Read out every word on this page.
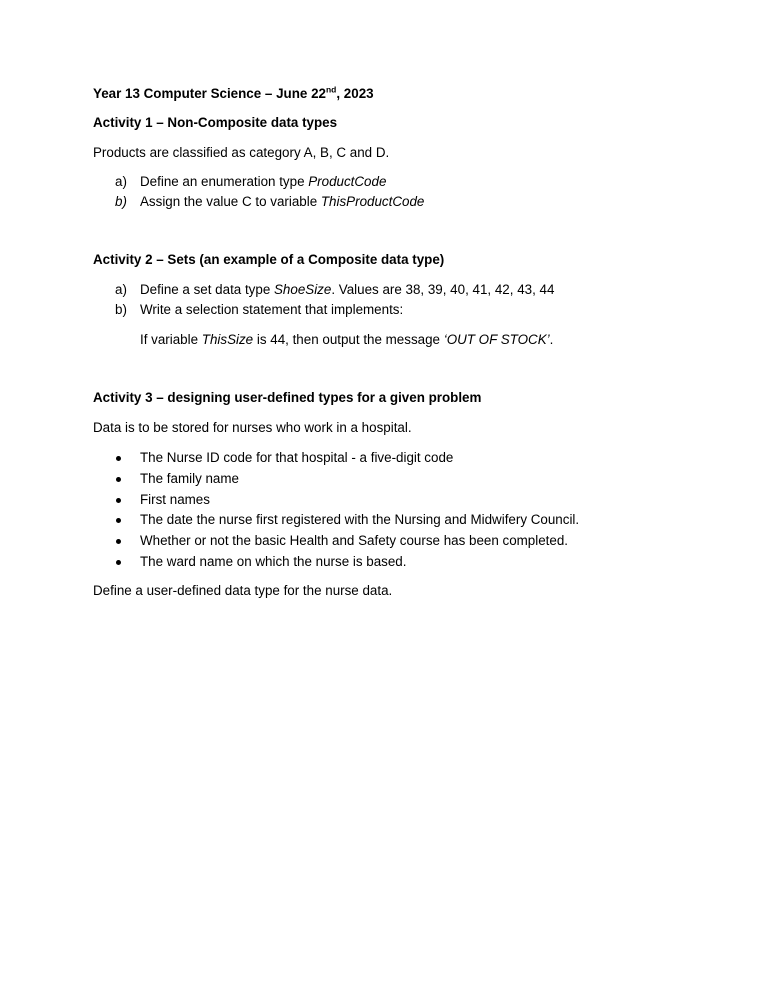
Year 13 Computer Science – June 22nd, 2023
Activity 1 – Non-Composite data types
Products are classified as category A, B, C and D.
a) Define an enumeration type ProductCode
b) Assign the value C to variable ThisProductCode
Activity 2 – Sets (an example of a Composite data type)
a) Define a set data type ShoeSize. Values are 38, 39, 40, 41, 42, 43, 44
b) Write a selection statement that implements:
If variable ThisSize is 44, then output the message ‘OUT OF STOCK’.
Activity 3 – designing user-defined types for a given problem
Data is to be stored for nurses who work in a hospital.
The Nurse ID code for that hospital - a five-digit code
The family name
First names
The date the nurse first registered with the Nursing and Midwifery Council.
Whether or not the basic Health and Safety course has been completed.
The ward name on which the nurse is based.
Define a user-defined data type for the nurse data.
